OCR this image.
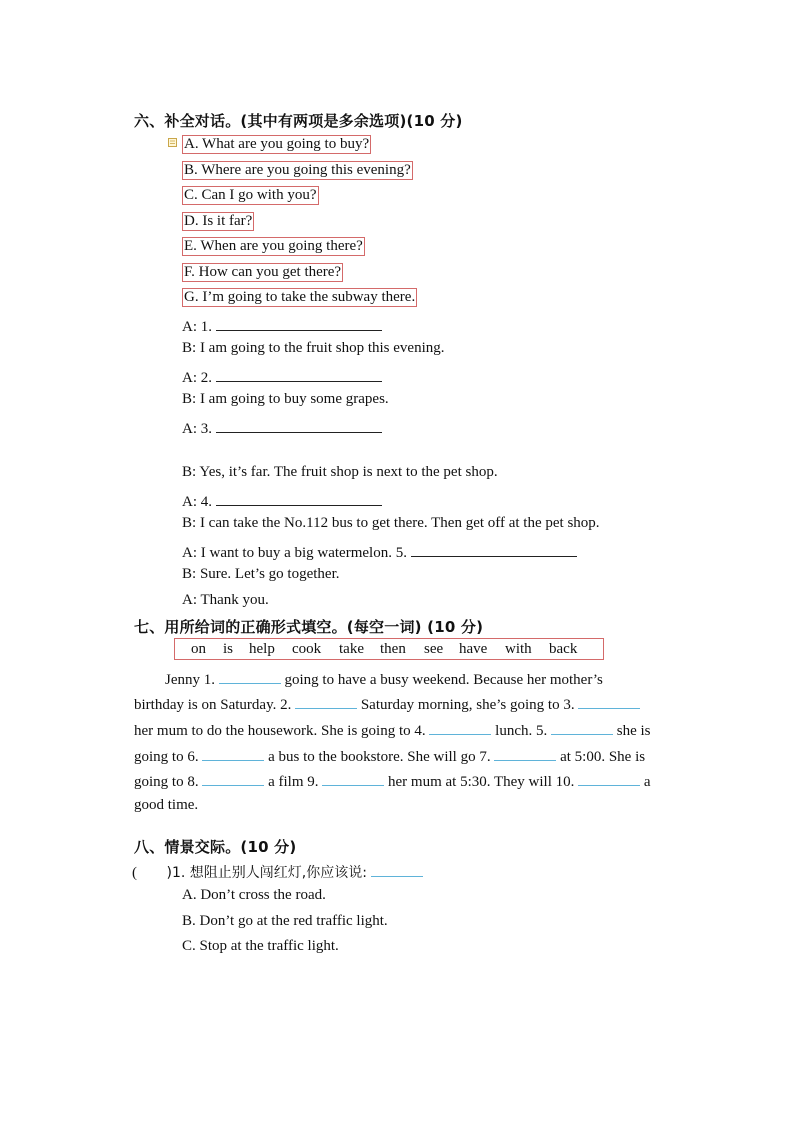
六、补全对话。(其中有两项是多余选项)(10 分)
A. What are you going to buy?
B. Where are you going this evening?
C. Can I go with you?
D. Is it far?
E. When are you going there?
F. How can you get there?
G. I’m going to take the subway there.
A: 1.
B: I am going to the fruit shop this evening.
A: 2.
B: I am going to buy some grapes.
A: 3.
B: Yes, it’s far. The fruit shop is next to the pet shop.
A: 4.
B: I can take the No.112 bus to get there. Then get off at the pet shop.
A: I want to buy a big watermelon. 5.
B: Sure. Let’s go together.
A: Thank you.
七、用所给词的正确形式填空。(每空一词) (10 分)
on is help cook take then see have with back
Jenny 1.	going to have a busy weekend. Because her mother’s
birthday is on Saturday. 2.	Saturday morning, she’s going to 3.
her mum to do the housework. She is going to 4.	lunch. 5.	she is
going to 6.	a bus to the bookstore. She will go 7.	at 5:00. She is
going to 8.	a film 9.	her mum at 5:30. They will 10.	a
good time.
八、情景交际。(10 分)
( )1. 想阻止别人闯红灯,你应该说:
A. Don’t cross the road.
B. Don’t go at the red traffic light.
C. Stop at the traffic light.
